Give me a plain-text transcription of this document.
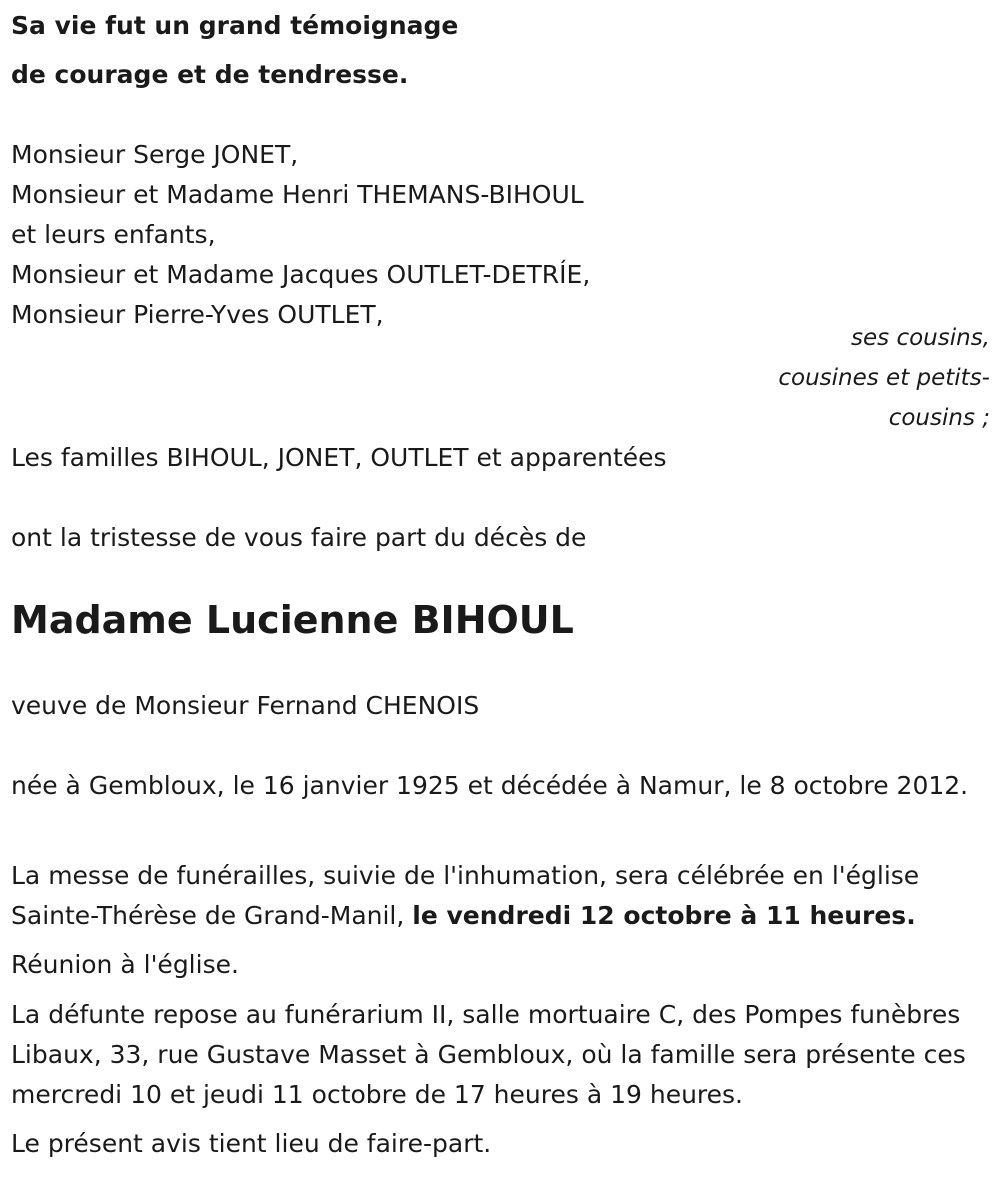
Sa vie fut un grand témoignage
de courage et de tendresse.
Monsieur Serge JONET,
Monsieur et Madame Henri THEMANS-BIHOUL
et leurs enfants,
Monsieur et Madame Jacques OUTLET-DETRÍE,
Monsieur Pierre-Yves OUTLET,
ses cousins,
cousines et petits-
cousins ;
Les familles BIHOUL, JONET, OUTLET et apparentées
ont la tristesse de vous faire part du décès de
Madame Lucienne BIHOUL
veuve de Monsieur Fernand CHENOIS
née à Gembloux, le 16 janvier 1925 et décédée à Namur, le 8 octobre 2012.
La messe de funérailles, suivie de l'inhumation, sera célébrée en l'église Sainte-Thérèse de Grand-Manil, le vendredi 12 octobre à 11 heures.
Réunion à l'église.
La défunte repose au funérarium II, salle mortuaire C, des Pompes funèbres Libaux, 33, rue Gustave Masset à Gembloux, où la famille sera présente ces mercredi 10 et jeudi 11 octobre de 17 heures à 19 heures.
Le présent avis tient lieu de faire-part.
